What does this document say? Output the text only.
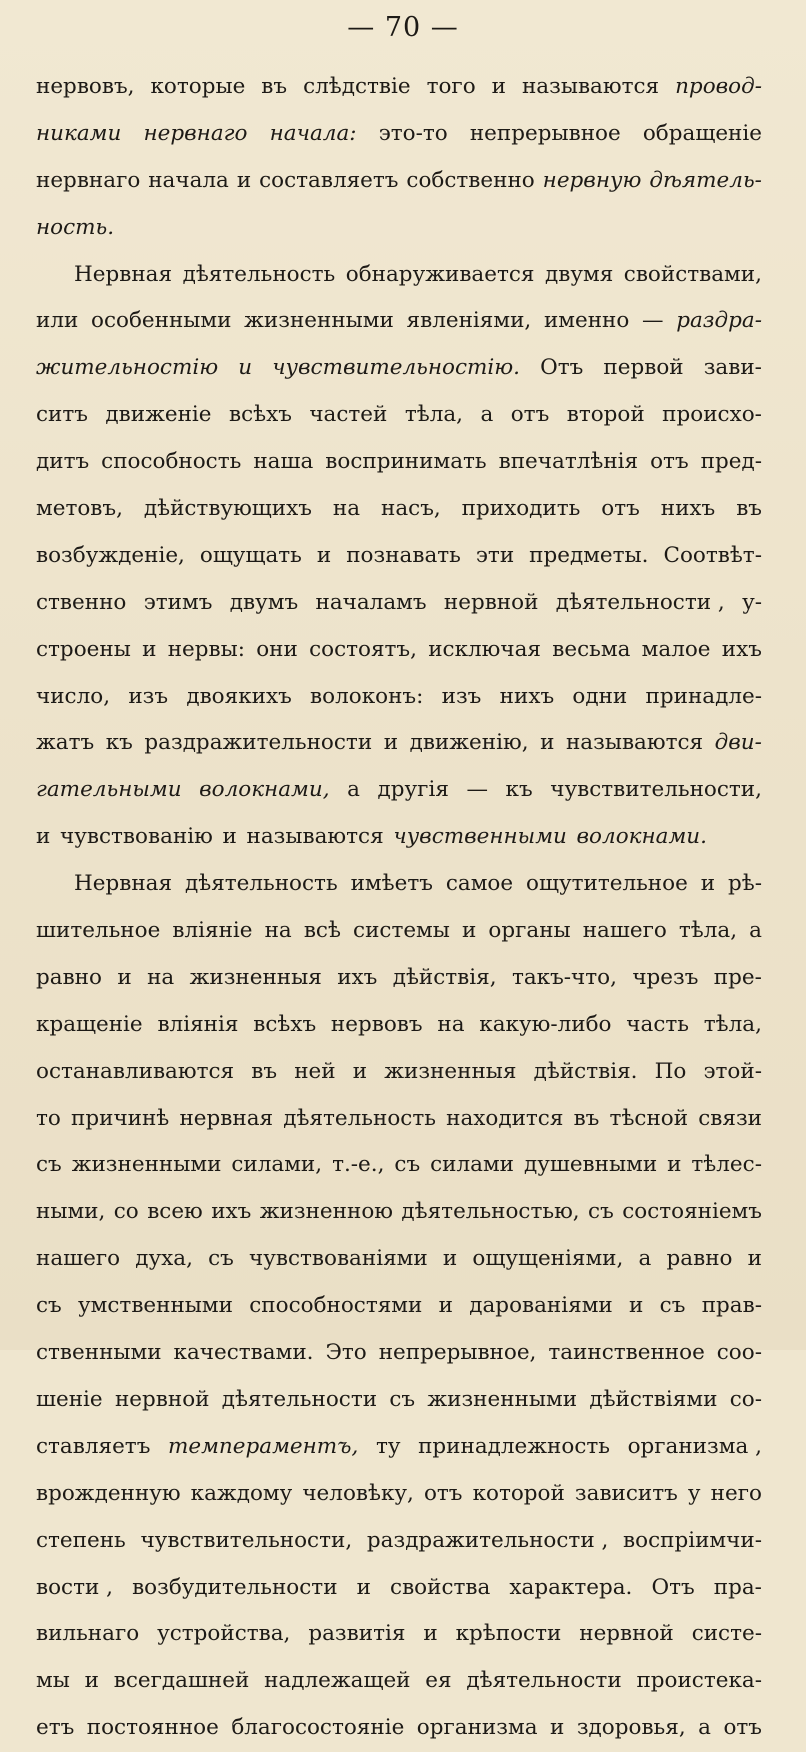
— 70 —
нервовъ, которые въ слѣдствіе того и называются провод-
никами нервнаго начала: это-то непрерывное обращеніе
нервнаго начала и составляетъ собственно нервную дѣятель-
ность.
Нервная дѣятельность обнаруживается двумя свойствами,
или особенными жизненными явленіями, именно — раздра-
жительностію и чувствительностію. Отъ первой зави-
ситъ движеніе всѣхъ частей тѣла, а отъ второй происхо-
дитъ способность наша воспринимать впечатлѣнія отъ пред-
метовъ, дѣйствующихъ на насъ, приходить отъ нихъ въ
возбужденіе, ощущать и познавать эти предметы. Соотвѣт-
ственно этимъ двумъ началамъ нервной дѣятельности , у-
строены и нервы: они состоятъ, исключая весьма малое ихъ
число, изъ двоякихъ волоконъ: изъ нихъ одни принадле-
жатъ къ раздражительности и движенію, и называются дви-
гательными волокнами, а другія — къ чувствительности,
и чувствованію и называются чувственными волокнами.
Нервная дѣятельность имѣетъ самое ощутительное и рѣ-
шительное вліяніе на всѣ системы и органы нашего тѣла, а
равно и на жизненныя ихъ дѣйствія, такъ-что, чрезъ пре-
кращеніе вліянія всѣхъ нервовъ на какую-либо часть тѣла,
останавливаются въ ней и жизненныя дѣйствія. По этой-
то причинѣ нервная дѣятельность находится въ тѣсной связи
съ жизненными силами, т.-е., съ силами душевными и тѣлес-
ными, со всею ихъ жизненною дѣятельностью, съ состояніемъ
нашего духа, съ чувствованіями и ощущеніями, а равно и
съ умственными способностями и дарованіями и съ прав-
ственными качествами. Это непрерывное, таинственное соо-
шеніе нервной дѣятельности съ жизненными дѣйствіями со-
ставляетъ темпераментъ, ту принадлежность организма ,
врожденную каждому человѣку, отъ которой зависитъ у него
степень чувствительности, раздражительности , воспріимчи-
вости , возбудительности и свойства характера. Отъ пра-
вильнаго устройства, развитія и крѣпости нервной систе-
мы и всегдашней надлежащей ея дѣятельности проистека-
етъ постоянное благосостояніе организма и здоровья, а отъ
